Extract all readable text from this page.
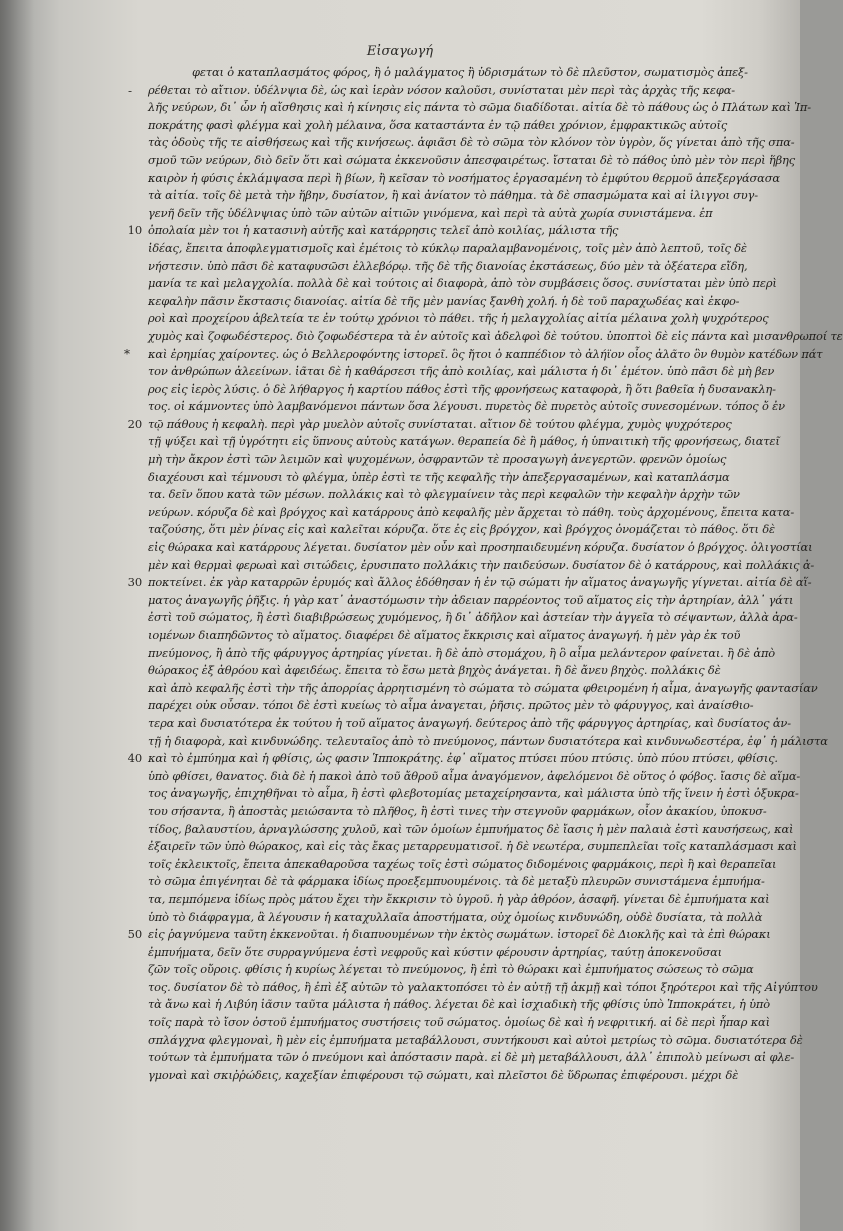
Εἰσαγωγή
-
φεται ὁ καταπλασμάτος φόρος, ἢ ὁ μαλάγματος ἢ ὑδρισμάτων τὸ δὲ πλεῦστον, σωματισμὸς ἀπεξ-
ρέθεται τὸ αἴτιον. ὑδέλνψια δὲ, ὡς καὶ ἱερὰν νόσον καλοῦσι, συνίσταται μὲν περὶ τὰς ἀρχὰς τῆς κεφα-
λῆς νεύρων, δι᾽ ὧν ἡ αἴσθησις καὶ ἡ κίνησις εἰς πάντα τὸ σῶμα διαδίδοται. αἰτία δὲ τὸ πάθους ὡς ὁ Πλάτων καὶ Ἱπ-
ποκράτης φασὶ φλέγμα καὶ χολὴ μέλαινα, ὅσα καταστάντα ἐν τῷ πάθει χρόνιον, ἐμφρακτικῶς αὐτοῖς
τὰς ὁδοὺς τῆς τε αἰσθήσεως καὶ τῆς κινήσεως. ἀφιᾶσι δὲ τὸ σῶμα τὸν κλόνον τὸν ὑγρὸν, ὅς γίνεται ἀπὸ τῆς σπα-
σμοῦ τῶν νεύρων, διὸ δεῖν ὅτι καὶ σώματα ἐκκενοῦσιν ἀπεσφαιρέτως. ἴσταται δὲ τὸ πάθος ὑπὸ μὲν τὸν περὶ ἥβης
καιρὸν ἡ φύσις ἐκλάμψασα περὶ ἢ βίων, ἢ κεῖσαν τὸ νοσήματος ἐργασαμένη τὸ ἐμφύτου θερμοῦ ἀπεξεργάσασα
τὰ αἰτία. τοῖς δὲ μετὰ τὴν ἥβην, δυσίατον, ἢ καὶ ἀνίατον τὸ πάθημα. τὰ δὲ σπασμώματα καὶ αἱ ἰλιγγοι συγ-
γενῆ δεῖν τῆς ὑδέλνψιας ὑπὸ τῶν αὐτῶν αἰτιῶν γινόμενα, καὶ περὶ τὰ αὐτὰ χωρία συνιστάμενα. ἐπ
10 ὀπολαία μὲν τοι ἡ κατασινὴ αὐτῆς καὶ κατάρρησις τελεῖ ἀπὸ κοιλίας, μάλιστα τῆς
ἰδέας, ἔπειτα ἀποφλεγματισμοῖς καὶ ἐμέτοις τὸ κύκλῳ παραλαμβανομένοις, τοῖς μὲν ἀπὸ λεπτοῦ, τοῖς δὲ
νήστεσιν. ὑπὸ πᾶσι δὲ καταφυσῶσι ἐλλεβόρῳ. τῆς δὲ τῆς διανοίας ἐκστάσεως, δύο μὲν τὰ ὀξέατερα εἴδη,
μανία τε καὶ μελαγχολία. πολλὰ δὲ καὶ τούτοις αἱ διαφορὰ, ἀπὸ τὸν συμβάσεις ὅσος. συνίσταται μὲν ὑπὸ περὶ
κεφαλὴν πᾶσιν ἔκστασις διανοίας. αἰτία δὲ τῆς μὲν μανίας ξανθὴ χολή. ἡ δὲ τοῦ παραχωδέας καὶ ἐκφο-
ροὶ καὶ προχείρου ἀβελτεία τε ἐν τούτῳ χρόνιοι τὸ πάθει. τῆς ἡ μελαγχολίας αἰτία μέλαινα χολὴ ψυχρότερος
χυμὸς καὶ ζοφωδέστερος. διὸ ζοφωδέστερα τὰ ἐν αὐτοῖς καὶ ἀδελφοὶ δὲ τούτου. ὑποπτοὶ δὲ εἰς πάντα καὶ μισανθρωποί τε
* καὶ ἐρημίας χαίροντες. ὡς ὁ Βελλεροφόντης ἱστορεῖ. ὃς ἤτοι ὁ καππέδιον τὸ ἀλήϊον οἶος ἀλᾶτο ὃν θυμὸν κατέδων πάτ
τον ἀνθρώπων ἀλεείνων. ἰᾶται δὲ ἡ καθάρσεσι τῆς ἀπὸ κοιλίας, καὶ μάλιστα ἡ δι᾽ ἐμέτον. ὑπὸ πᾶσι δὲ μὴ βεν
ρος εἰς ἱερὸς λύσις. ὁ δὲ λήθαργος ἡ καρτίου πάθος ἐστὶ τῆς φρονήσεως καταφορὰ, ἢ ὅτι βαθεῖα ἡ δυσανακλη-
τος. οἱ κάμνοντες ὑπὸ λαμβανόμενοι πάντων ὅσα λέγουσι. πυρετὸς δὲ πυρετὸς αὐτοῖς συνεσομένων. τόπος ὄ ἐν
20 τῷ πάθους ἡ κεφαλὴ. περὶ γὰρ μυελὸν αὐτοῖς συνίσταται. αἴτιον δὲ τούτου φλέγμα, χυμὸς ψυχρότερος
τῇ ψύξει καὶ τῇ ὑγρότητι εἰς ὕπνους αὐτοὺς κατάγων. θεραπεία δὲ ἢ μάθος, ἡ ὑπναιτικὴ τῆς φρονήσεως, διατεῖ
μὴ τὴν ἄκρον ἐστὶ τῶν λειμῶν καὶ ψυχομένων, ὀσφραντῶν τὲ προσαγωγὴ ἀνεγερτῶν. φρενῶν ὁμοίως
διαχέουσι καὶ τέμνουσι τὸ φλέγμα, ὑπὲρ ἐστὶ τε τῆς κεφαλῆς τὴν ἀπεξεργασαμένων, καὶ καταπλάσμα
τα. δεῖν ὅπου κατὰ τῶν μέσων. πολλάκις καὶ τὸ φλεγμαίνειν τὰς περὶ κεφαλῶν τὴν κεφαλὴν ἀρχὴν τῶν
νεύρων. κόρυζα δὲ καὶ βρόγχος καὶ κατάρρους ἀπὸ κεφαλῆς μὲν ἄρχεται τὸ πάθη. τοὺς ἀρχομένους, ἔπειτα κατα-
ταζούσης, ὅτι μὲν ῥίνας εἰς καὶ καλεῖται κόρυζα. ὅτε ἐς εἰς βρόγχον, καὶ βρόγχος ὀνομάζεται τὸ πάθος. ὅτι δὲ
εἰς θώρακα καὶ κατάρρους λέγεται. δυσίατον μὲν οὖν καὶ προσηπαιδευμένη κόρυζα. δυσίατον ὁ βρόγχος. ὀλιγοστίαι
μὲν καὶ θερμαὶ φερωαὶ καὶ σιτώδεις, ἐρυσιπατο πολλάκις τὴν παιδεύσων. δυσίατον δὲ ὁ κατάρρους, καὶ πολλάκις ἀ-
30 ποκτείνει. ἐκ γὰρ καταρρῶν ἐρυμός καὶ ἄλλος ἐδόθησαν ἡ ἐν τῷ σώματι ἡν αἵματος ἀναγωγῆς γίγνεται. αἰτία δὲ αἵ-
ματος ἀναγωγῆς ῥῆξις. ἡ γὰρ κατ᾽ ἀναστόμωσιν τὴν ἀδειαν παρρέοντος τοῦ αἵματος εἰς τὴν ἀρτηρίαν, ἀλλ᾽ γάτι
ἐστὶ τοῦ σώματος, ἢ ἐστὶ διαβιβρώσεως χυμόμενος, ἢ δι᾽ ἀδῆλον καὶ ἀστείαν τὴν ἀγγεῖα τὸ σέψαντων, ἀλλὰ ἀρα-
ιομένων διαπηδῶντος τὸ αἵματος. διαφέρει δὲ αἵματος ἔκκρισις καὶ αἵματος ἀναγωγή. ἡ μὲν γὰρ ἐκ τοῦ
πνεύμονος, ἢ ἀπὸ τῆς φάρυγγος ἀρτηρίας γίνεται. ἢ δὲ ἀπὸ στομάχου, ἢ ὃ αἷμα μελάντερον φαίνεται. ἢ δὲ ἀπὸ
θώρακος ἐξ ἀθρόου καὶ ἀφειδέως. ἔπειτα τὸ ἔσω μετὰ βηχὸς ἀνάγεται. ἢ δὲ ἄνευ βηχὸς. πολλάκις δὲ
καὶ ἀπὸ κεφαλῆς ἐστὶ τὴν τῆς ἀπορρίας ἀρρητισμένη τὸ σώματα τὸ σώματα φθειρομένη ἡ αἷμα, ἀναγωγῆς φαντασίαν
παρέχει οὐκ οὖσαν. τόποι δὲ ἐστὶ κυείως τὸ αἷμα ἀναγεται, ῥῆσις. πρῶτος μὲν τὸ φάρυγγος, καὶ ἀναίσθιο-
τερα καὶ δυσιατότερα ἐκ τούτου ἡ τοῦ αἵματος ἀναγωγή. δεύτερος ἀπὸ τῆς φάρυγγος ἀρτηρίας, καὶ δυσίατος ἀν-
τῇ ἡ διαφορὰ, καὶ κινδυνώδης. τελευταῖος ἀπὸ τὸ πνεύμονος, πάντων δυσιατότερα καὶ κινδυνωδεστέρα, ἐφ᾽ ἡ μάλιστα
40 καὶ τὸ ἐμπύημα καὶ ἡ φθίσις, ὡς φασιν Ἱπποκράτης. ἐφ᾽ αἵματος πτύσει πύου πτύσις. ὑπὸ πύου πτύσει, φθίσις.
ὑπὸ φθίσει, θανατος. διὰ δὲ ἡ πακοὶ ἀπὸ τοῦ ἄθροῦ αἷμα ἀναγόμενον, ἀφελόμενοι δὲ οὕτος ὁ φόβος. ἴασις δὲ αἵμα-
τος ἀναγωγῆς, ἐπιχηθῆναι τὸ αἷμα, ἢ ἐστὶ φλεβοτομίας μεταχείρησαντα, καὶ μάλιστα ὑπὸ τῆς ἵνειν ἡ ἐστὶ ὀξυκρα-
του σήσαντα, ἢ ἀποστὰς μειώσαντα τὸ πλῆθος, ἢ ἐστὶ τινες τὴν στεγνοῦν φαρμάκων, οἷον ἀκακίου, ὑποκυσ-
τίδος, βαλαυστίου, ἀρναγλώσσης χυλοῦ, καὶ τῶν ὁμοίων ἐμπυήματος δὲ ἴασις ἡ μὲν παλαιὰ ἐστὶ καυσήσεως, καὶ
ἐξαιρεῖν τῶν ὑπὸ θώρακος, καὶ εἰς τὰς ἔκας μεταρρευματισοῖ. ἡ δὲ νεωτέρα, συμπεπλεῖαι τοῖς καταπλάσμασι καὶ
τοῖς ἐκλεικτοῖς, ἔπειτα ἀπεκαθαροῦσα ταχέως τοῖς ἐστὶ σώματος διδομένοις φαρμάκοις, περὶ ἢ καὶ θεραπεῖαι
τὸ σῶμα ἐπιγένηται δὲ τὰ φάρμακα ἰδίως προεξεμπυουμένοις. τὰ δὲ μεταξὺ πλευρῶν συνιστάμενα ἐμπυήμα-
τα, πεμπόμενα ἰδίως πρὸς μάτου ἔχει τὴν ἔκκρισιν τὸ ὑγροῦ. ἡ γὰρ ἀθρόον, ἀσαφῆ. γίνεται δὲ ἐμπυήματα καὶ
ὑπὸ τὸ διάφραγμα, ἃ λέγουσιν ἡ καταχυλλαῖα ἀποστήματα, οὐχ ὁμοίως κινδυνώδη, οὐδὲ δυσίατα, τὰ πολλὰ
50 εἰς ῥαγνύμενα ταῦτη ἐκκενοῦται. ἡ διαπυουμένων τὴν ἐκτὸς σωμάτων. ἱστορεῖ δὲ Διοκλῆς καὶ τὰ ἐπὶ θώρακι
ἐμπυήματα, δεῖν ὅτε συρραγνύμενα ἐστὶ νεφροῦς καὶ κύστιν φέρουσιν ἀρτηρίας, ταύτῃ ἀποκενοῦσαι
ζῶν τοῖς οὔροις. φθίσις ἡ κυρίως λέγεται τὸ πνεύμονος, ἢ ἐπὶ τὸ θώρακι καὶ ἐμπυήματος σώσεως τὸ σῶμα
τος. δυσίατον δὲ τὸ πάθος, ἢ ἐπὶ ἐξ αὐτῶν τὸ γαλακτοπόσει τὸ ἐν αὐτῇ τῇ ἀκμῇ καὶ τόποι ξηρότεροι καὶ τῆς Αἰγύπτου
τὰ ἄνω καὶ ἡ Λιβύη ἰᾶσιν ταῦτα μάλιστα ἡ πάθος. λέγεται δὲ καὶ ἰσχιαδικὴ τῆς φθίσις ὑπὸ Ἱπποκράτει, ἡ ὑπὸ
τοῖς παρὰ τὸ ἴσον ὀστοῦ ἐμπυήματος συστήσεις τοῦ σώματος. ὁμοίως δὲ καὶ ἡ νεφριτική. αἱ δὲ περὶ ἧπαρ καὶ
σπλάγχνα φλεγμοναὶ, ἢ μὲν εἰς ἐμπυήματα μεταβάλλουσι, συντήκουσι καὶ αὐτοὶ μετρίως τὸ σῶμα. δυσιατότερα δὲ
τούτων τὰ ἐμπυήματα τῶν ὁ πνεύμονι καὶ ἀπόστασιν παρὰ. εἰ δὲ μὴ μεταβάλλουσι, ἀλλ᾽ ἐπιπολὺ μείνωσι αἱ φλε-
γμοναὶ καὶ σκιῤῥώδεις, καχεξίαν ἐπιφέρουσι τῷ σώματι, καὶ πλεῖστοι δὲ ὕδρωπας ἐπιφέρουσι. μέχρι δὲ
